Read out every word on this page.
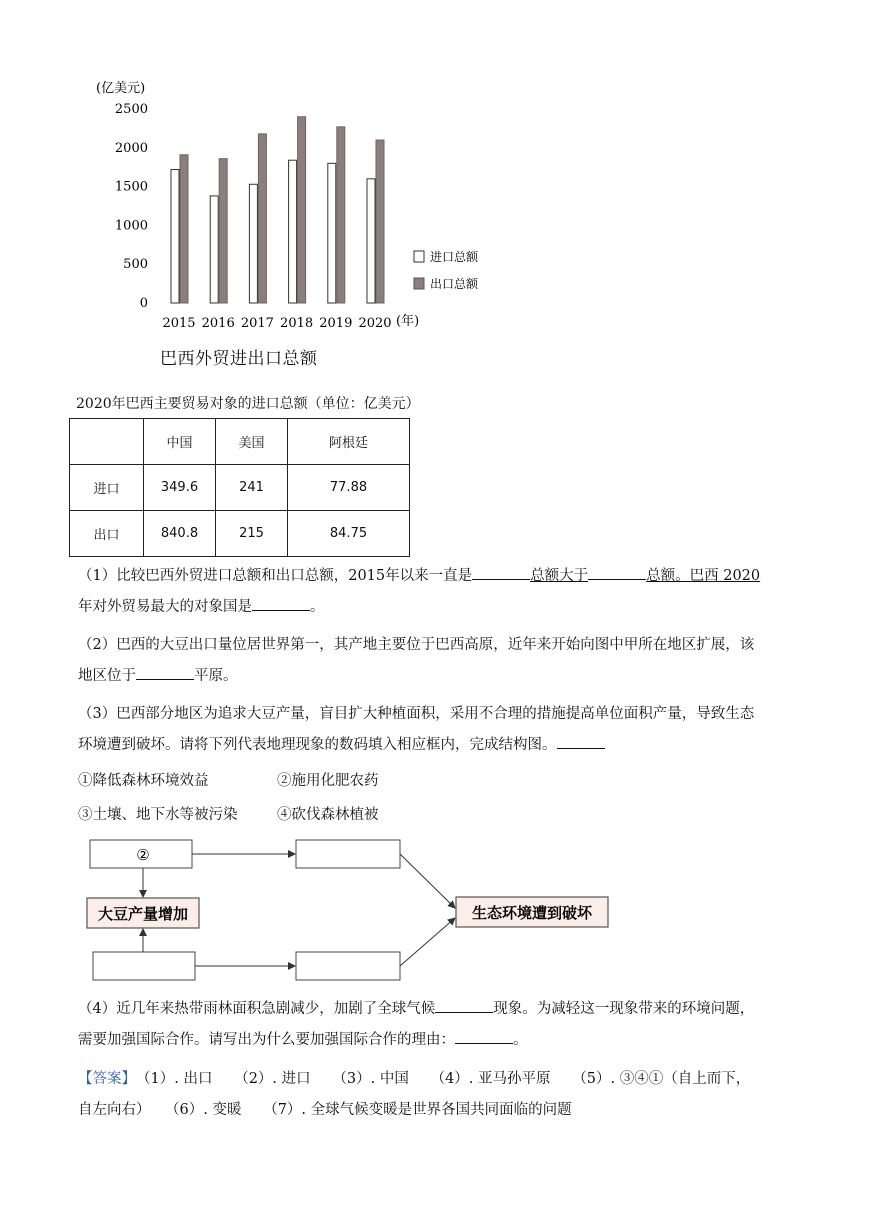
(亿美元)
0
500
1000
1500
2000
2500
2015 2016 2017 2018 2019 2020
进口总额
出口总额
(年)
巴西外贸进出口总额
2020年巴西主要贸易对象的进口总额（单位：亿美元）
	中国	美国	阿根廷
进口	349.6	241	77.88
出口	840.8	215	84.75
（1）比较巴西外贸进口总额和出口总额，2015年以来一直是	总额大于	总额。巴西 2020
年对外贸易最大的对象国是	。
（2）巴西的大豆出口量位居世界第一，其产地主要位于巴西高原，近年来开始向图中甲所在地区扩展，该
地区位于	平原。
（3）巴西部分地区为追求大豆产量，盲目扩大种植面积，采用不合理的措施提高单位面积产量，导致生态
环境遭到破坏。请将下列代表地理现象的数码填入相应框内，完成结构图。
①降低森林环境效益	②施用化肥农药
③土壤、地下水等被污染	④砍伐森林植被
②
大豆产量增加	生态环境遭到破坏
（4）近几年来热带雨林面积急剧减少，加剧了全球气候	现象。为减轻这一现象带来的环境问题，
需要加强国际合作。请写出为什么要加强国际合作的理由：	。
【答案】　 （1）. 出口　　（2）. 进口　　（3）. 中国　　（4）. 亚马孙平原　　（5）. ③④①（自上而下，
自左向右）　　（6）. 变暖　　（7）. 全球气候变暖是世界各国共同面临的问题
